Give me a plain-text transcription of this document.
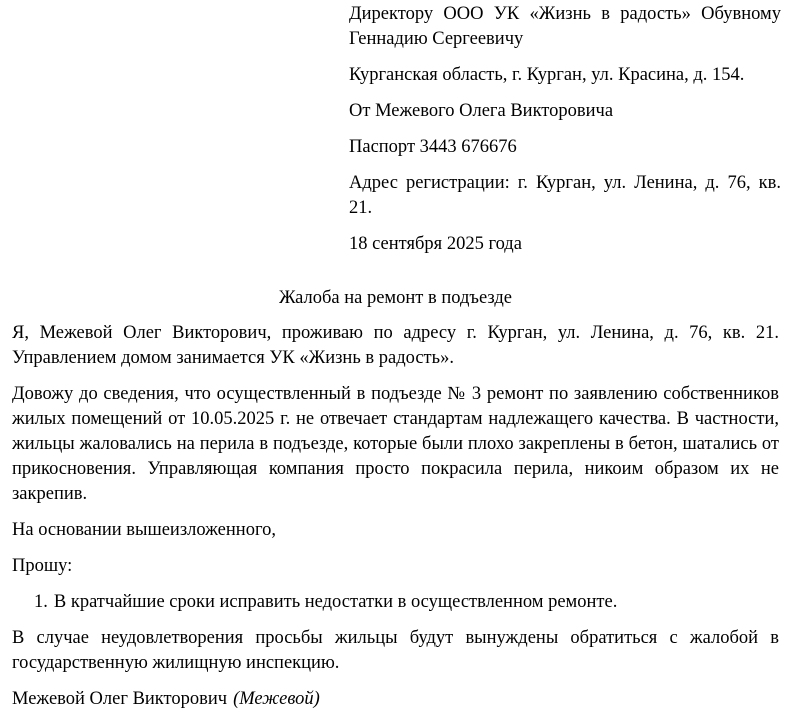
Директору ООО УК «Жизнь в радость» Обувному Геннадию Сергеевичу

Курганская область, г. Курган, ул. Красина, д. 154.

От Межевого Олега Викторовича

Паспорт 3443 676676

Адрес регистрации: г. Курган, ул. Ленина, д. 76, кв. 21.

18 сентября 2025 года

Жалоба на ремонт в подъезде

Я, Межевой Олег Викторович, проживаю по адресу г. Курган, ул. Ленина, д. 76, кв. 21. Управлением домом занимается УК «Жизнь в радость».

Довожу до сведения, что осуществленный в подъезде № 3 ремонт по заявлению собственников жилых помещений от 10.05.2025 г. не отвечает стандартам надлежащего качества. В частности, жильцы жаловались на перила в подъезде, которые были плохо закреплены в бетон, шатались от прикосновения. Управляющая компания просто покрасила перила, никоим образом их не закрепив.

На основании вышеизложенного,

Прошу:

1. В кратчайшие сроки исправить недостатки в осуществленном ремонте.

В случае неудовлетворения просьбы жильцы будут вынуждены обратиться с жалобой в государственную жилищную инспекцию.

Межевой Олег Викторович (Межевой)
